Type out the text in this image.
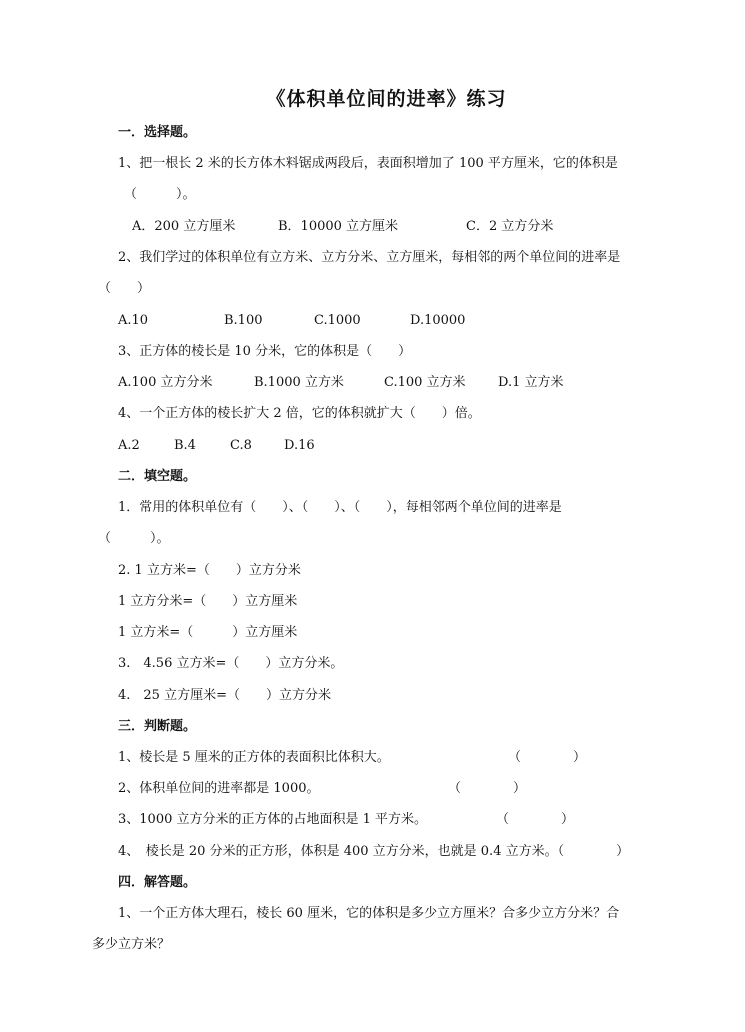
《体积单位间的进率》练习
一．选择题。
1、把一根长 2 米的长方体木料锯成两段后，表面积增加了 100 平方厘米，它的体积是
（　　　）。
A．200 立方厘米	B．10000 立方厘米	C．2 立方分米
2、我们学过的体积单位有立方米、立方分米、立方厘米，每相邻的两个单位间的进率是
（　　）
A.10	B.100	C.1000	D.10000
3、正方体的棱长是 10 分米，它的体积是（　　）
A.100 立方分米	B.1000 立方米	C.100 立方米 D.1 立方米
4、一个正方体的棱长扩大 2 倍，它的体积就扩大（　　）倍。
A.2	B.4	C.8 D.16
二．填空题。
1．常用的体积单位有（　　）、（　　）、（　　），每相邻两个单位间的进率是
（　　　）。
2. 1 立方米=（　　）立方分米
1 立方分米=（　　）立方厘米
1 立方米=（　　　）立方厘米
3.　4.56 立方米=（　　）立方分米。
4.　25 立方厘米=（　　）立方分米
三．判断题。
1、棱长是 5 厘米的正方体的表面积比体积大。	（　　　　）
2、体积单位间的进率都是 1000。	（　　　　）
3、1000 立方分米的正方体的占地面积是 1 平方米。	（　　　　）
4、　棱长是 20 分米的正方形，体积是 400 立方分米，也就是 0.4 立方米。（　　　　）
四．解答题。
1、一个正方体大理石，棱长 60 厘米，它的体积是多少立方厘米？合多少立方分米？合
多少立方米？
